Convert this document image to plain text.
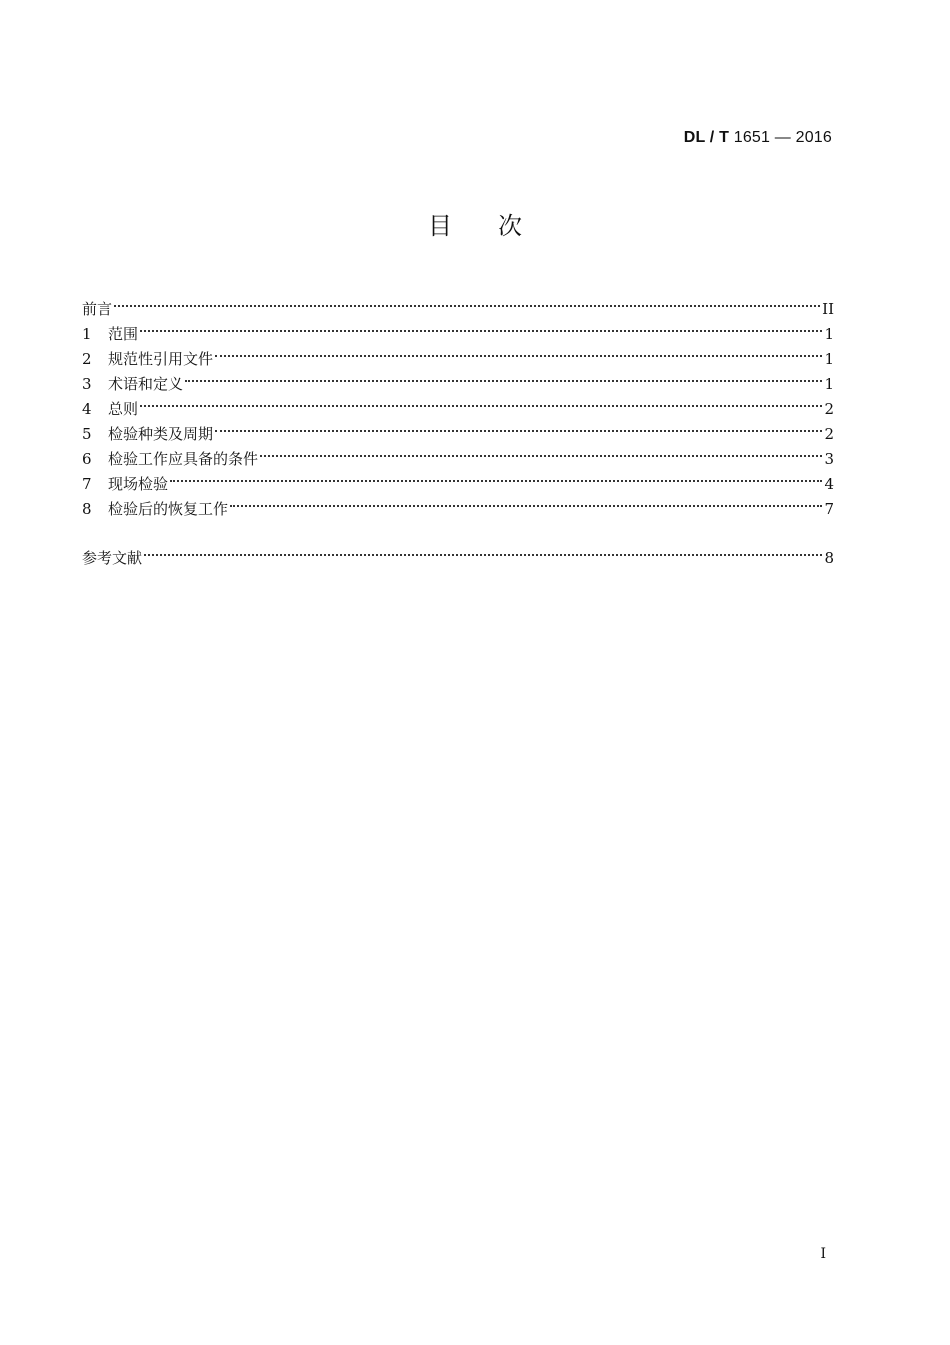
DL / T 1651 — 2016
目次
前言	II
1	范围	1
2	规范性引用文件	1
3	术语和定义	1
4	总则	2
5	检验种类及周期	2
6	检验工作应具备的条件	3
7	现场检验	4
8	检验后的恢复工作	7
参考文献	8
I
